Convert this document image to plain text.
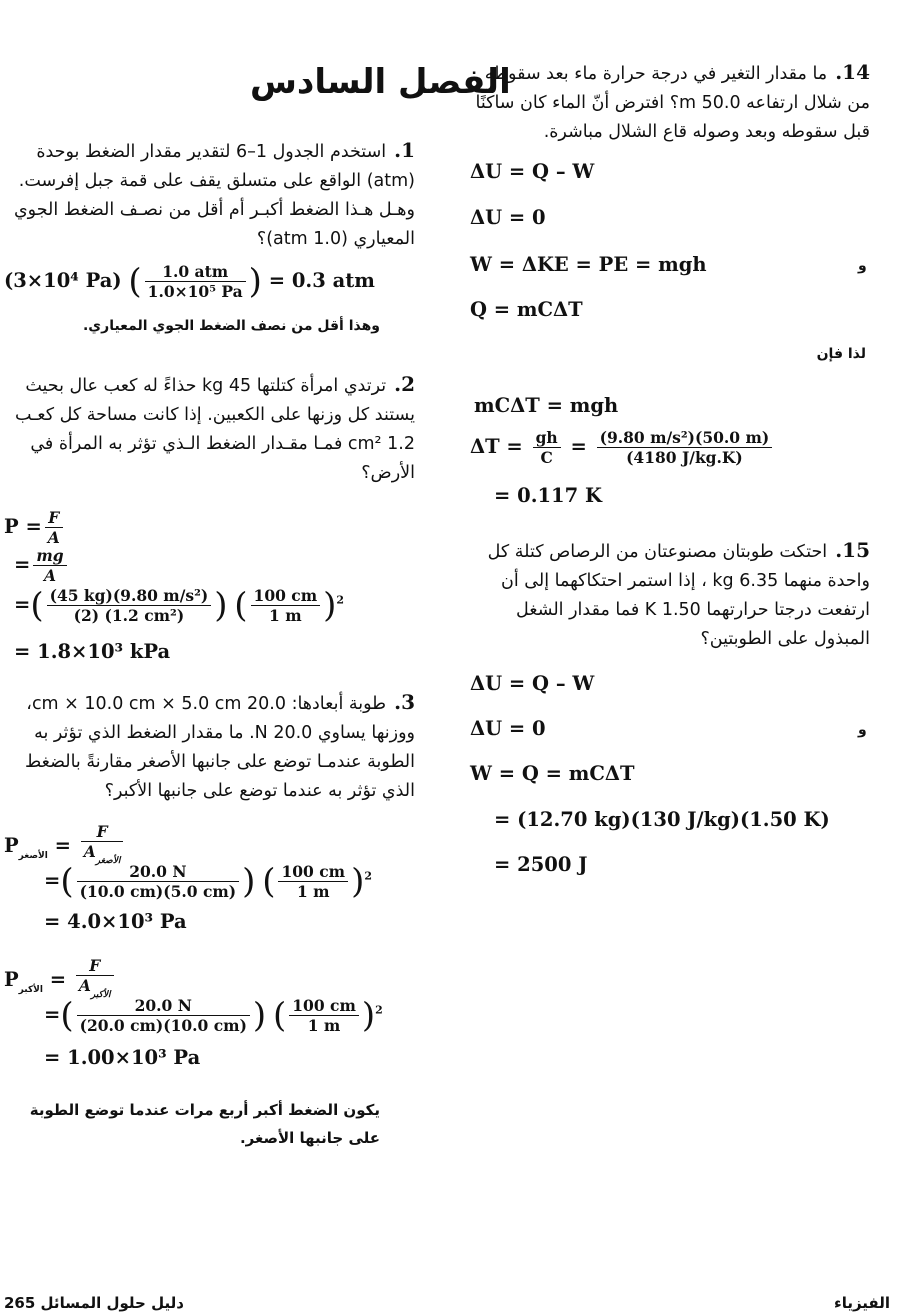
الفصل السادس	14.ما مقدار التغير في درجة حرارة ماء بعد سقوطه من شلال ارتفاعه 50.0 m؟ افترض أنّ الماء كان ساكنًا قبل سقوطه وبعد وصوله قاع الشلال مباشرة.
ΔU = Q – W
ΔU = 0
W = ΔKE = PE = mgh	و
Q = mCΔT
لذا فإن
mCΔT = mgh
$\Delta T = \frac{gh}{C} = \frac{\text{(9.80 m/s²)(50.0 m)}}{(4180 J/kg.K)}$
= 0.117 K
15.احتكت طوبتان مصنوعتان من الرصاص كتلة كل واحدة منهما 6.35 kg ، إذا استمر احتكاكهما إلى أن ارتفعت درجتا حرارتهما 1.50 K فما مقدار الشغل المبذول على الطوبتين؟
ΔU = Q – W
ΔU = 0	و
W = Q = mCΔT
= (12.70 kg)(130 J/kg)(1.50 K)
= 2500 J
1.استخدم الجدول 1–6 لتقدير مقدار الضغط بوحدة (atm) الواقع على متسلق يقف على قمة جبل إفرست. وهـل هـذا الضغط أكبـر أم أقل من نصـف الضغط الجوي المعياري (1.0 atm)؟
(3×10⁴ Pa) ( $\frac{\text{1.0 atm}}{\text{1.0×10⁵ Pa}}$ ) = 0.3 atm
وهذا أقل من نصف الضغط الجوي المعياري.
2.ترتدي امرأة كتلتها 45 kg حذاءً له كعب عال بحيث يستند كل وزنها على الكعبين. إذا كانت مساحة كل كعـب 1.2 cm² فمـا مقـدار الضغط الـذي تؤثر به المرأة في الأرض؟
$P = \frac{F}{A}$
= $\frac{mg}{A}$
=( $\frac{\text{(45 kg)(9.80 m/s²)}}{\text{(2) (1.2 cm²)}}$ ) ( $\frac{100 cm}{1 m} )^2$
= 1.8×10³ kPa
3.طوبة أبعادها: 20.0 cm × 10.0 cm × 5.0 cm، ووزنها يساوي 20.0 N. ما مقدار الضغط الذي تؤثر به الطوبة عندمـا توضع على جانبها الأصغر مقارنةً بالضغط الذي تؤثر به عندما توضع على جانبها الأكبر؟
$P_{الأصغر} = \frac{F}{A_{الأصغر}}$
=( $\frac{20.0 N}{(10.0 cm)(5.0 cm)}$ ) ( $\frac{100 cm}{1 m} )^2$
= 4.0×10³ Pa
$P_{الأكبر} = \frac{F}{A_{الأكبر}}$
=( $\frac{20.0 N}{(20.0 cm)(10.0 cm)}$ ) ( $\frac{100 cm}{1 m} )^2$
= 1.00×10³ Pa
يكون الضغط أكبر أربع مرات عندما توضع الطوبة على جانبها الأصغر.
265 دليل حلول المسائل	الفيزياء
